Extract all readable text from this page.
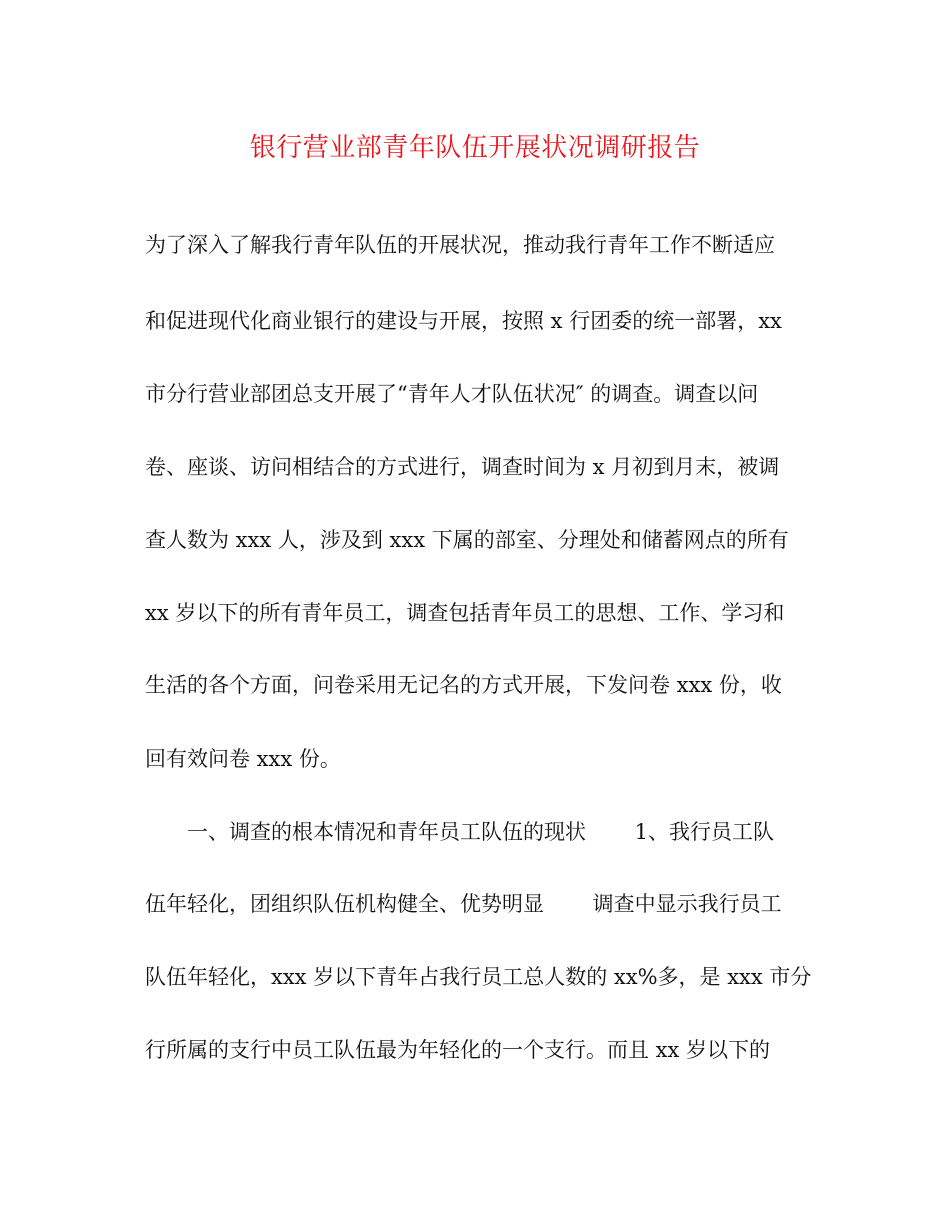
银行营业部青年队伍开展状况调研报告
为了深入了解我行青年队伍的开展状况，推动我行青年工作不断适应
和促进现代化商业银行的建设与开展，按照 x 行团委的统一部署，xx
市分行营业部团总支开展了“青年人才队伍状况″ 的调查。调查以问
卷、座谈、访问相结合的方式进行，调查时间为 x 月初到月末，被调
查人数为 xxx 人，涉及到 xxx 下属的部室、分理处和储蓄网点的所有
xx 岁以下的所有青年员工，调查包括青年员工的思想、工作、学习和
生活的各个方面，问卷采用无记名的方式开展，下发问卷 xxx 份，收
回有效问卷 xxx 份。
　　一、调查的根本情况和青年员工队伍的现状　　 1、我行员工队
伍年轻化，团组织队伍机构健全、优势明显　　 调查中显示我行员工
队伍年轻化，xxx 岁以下青年占我行员工总人数的 xx%多，是 xxx 市分
行所属的支行中员工队伍最为年轻化的一个支行。而且 xx 岁以下的
